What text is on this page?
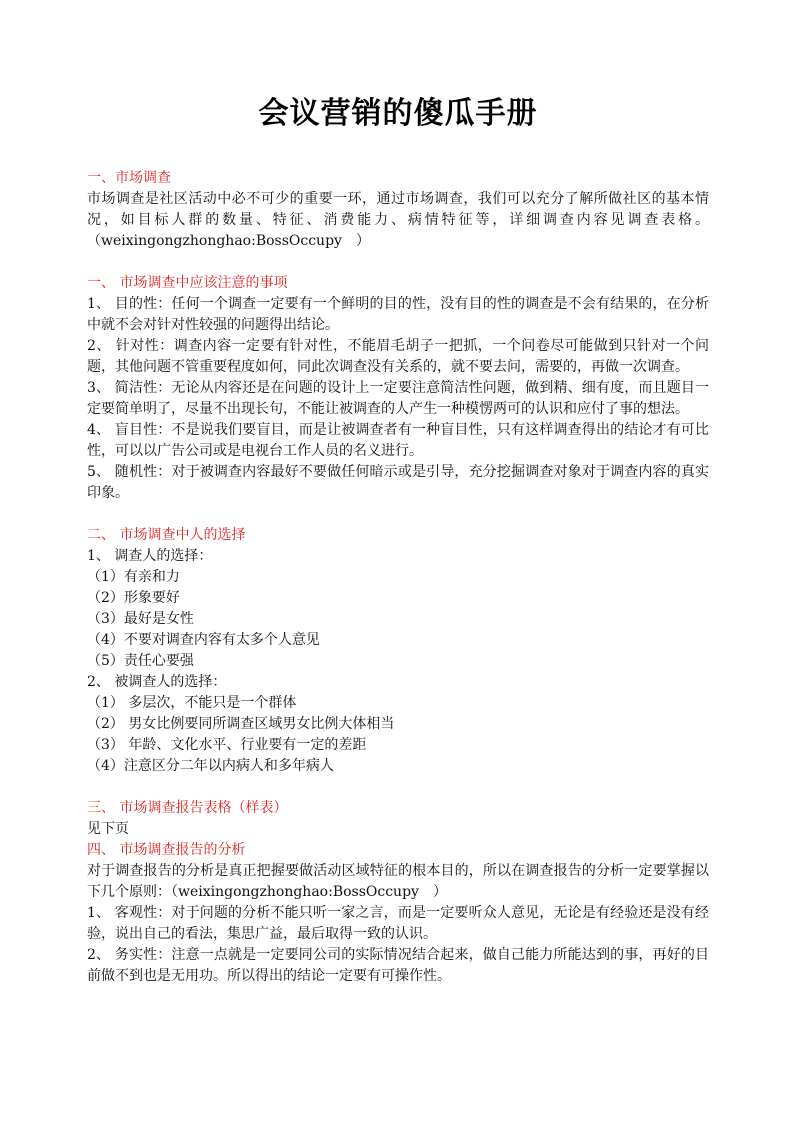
会议营销的傻瓜手册
一、市场调查

市场调查是社区活动中必不可少的重要一环，通过市场调查，我们可以充分了解所做社区的基本情况，如目标人群的数量、特征、消费能力、病情特征等，详细调查内容见调查表格。（weixingongzhonghao:BossOccupy　）

一、 市场调查中应该注意的事项

1、 目的性：任何一个调查一定要有一个鲜明的目的性，没有目的性的调查是不会有结果的，在分析中就不会对针对性较强的问题得出结论。

2、 针对性：调查内容一定要有针对性，不能眉毛胡子一把抓，一个问卷尽可能做到只针对一个问题，其他问题不管重要程度如何，同此次调查没有关系的，就不要去问，需要的，再做一次调查。

3、 简洁性：无论从内容还是在问题的设计上一定要注意简洁性问题，做到精、细有度，而且题目一定要简单明了，尽量不出现长句，不能让被调查的人产生一种模愣两可的认识和应付了事的想法。

4、 盲目性：不是说我们要盲目，而是让被调查者有一种盲目性，只有这样调查得出的结论才有可比性，可以以广告公司或是电视台工作人员的名义进行。

5、 随机性：对于被调查内容最好不要做任何暗示或是引导，充分挖掘调查对象对于调查内容的真实印象。

二、 市场调查中人的选择
1、 调查人的选择：
（1）有亲和力
（2）形象要好
（3）最好是女性
（4）不要对调查内容有太多个人意见
（5）责任心要强
2、 被调查人的选择：
（1） 多层次，不能只是一个群体
（2） 男女比例要同所调查区域男女比例大体相当
（3） 年龄、文化水平、行业要有一定的差距
（4）注意区分二年以内病人和多年病人
三、 市场调查报告表格（样表）
见下页
四、 市场调查报告的分析

对于调查报告的分析是真正把握要做活动区域特征的根本目的，所以在调查报告的分析一定要掌握以下几个原则：（weixingongzhonghao:BossOccupy　）

1、 客观性：对于问题的分析不能只听一家之言，而是一定要听众人意见，无论是有经验还是没有经验，说出自己的看法，集思广益，最后取得一致的认识。

2、 务实性：注意一点就是一定要同公司的实际情况结合起来，做自己能力所能达到的事，再好的目前做不到也是无用功。所以得出的结论一定要有可操作性。
